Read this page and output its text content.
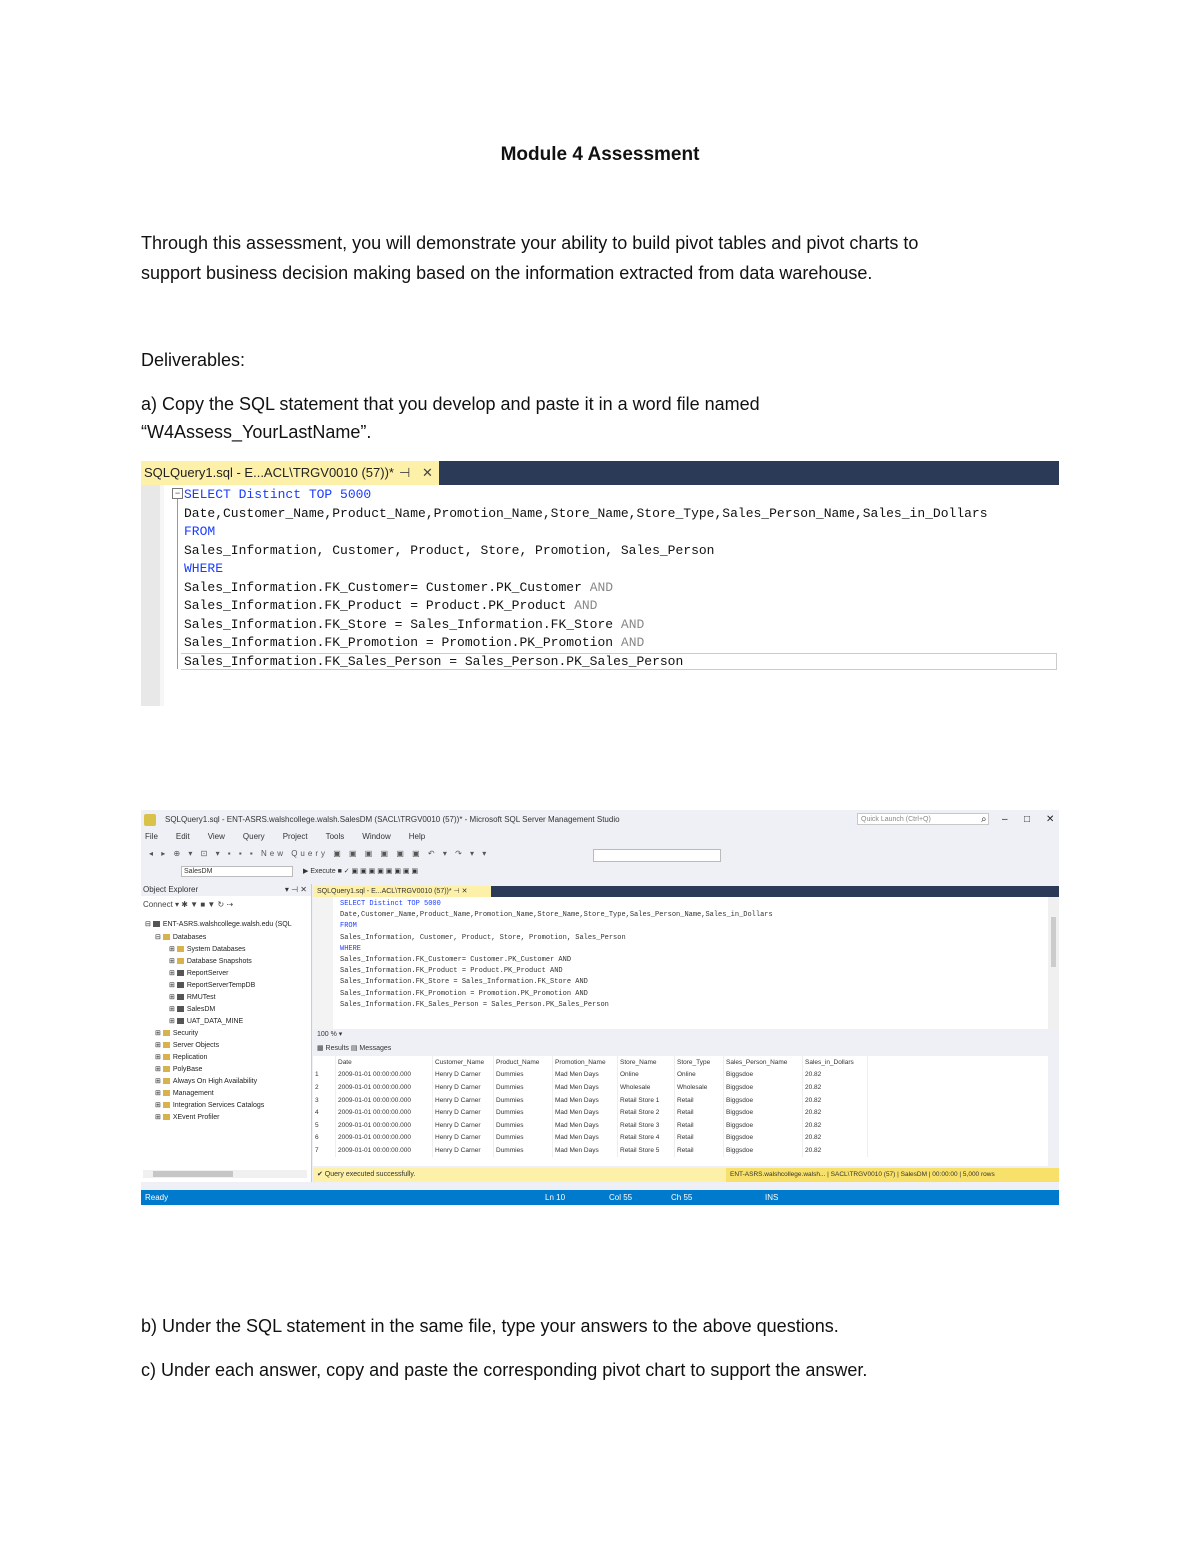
Module 4 Assessment
Through this assessment, you will demonstrate your ability to build pivot tables and pivot charts to
support business decision making based on the information extracted from data warehouse.
Deliverables:
a) Copy the SQL statement that you develop and paste it in a word file named
“W4Assess_YourLastName”.
SQLQuery1.sql - E...ACL\TRGV0010 (57))* ⊣ ✕
− SELECT Distinct TOP 5000
Date,Customer_Name,Product_Name,Promotion_Name,Store_Name,Store_Type,Sales_Person_Name,Sales_in_Dollars
FROM
Sales_Information, Customer, Product, Store, Promotion, Sales_Person
WHERE
Sales_Information.FK_Customer= Customer.PK_Customer AND
Sales_Information.FK_Product = Product.PK_Product AND
Sales_Information.FK_Store = Sales_Information.FK_Store AND
Sales_Information.FK_Promotion = Promotion.PK_Promotion AND
Sales_Information.FK_Sales_Person = Sales_Person.PK_Sales_Person
SQLQuery1.sql - ENT-ASRS.walshcollege.walsh.SalesDM (SACL\TRGV0010 (57))* - Microsoft SQL Server Management Studio	Quick Launch (Ctrl+Q)	⌕ – □ ✕
File Edit View Query Project Tools Window Help
◂ ▸ ⊕ ▾ ⊡ ▾ ▪ ▪ ▪ New Query ▣ ▣ ▣ ▣ ▣ ▣ ↶ ▾ ↷ ▾ ▾
SalesDM	▶ Execute ■ ✓ ▣ ▣ ▣ ▣ ▣ ▣ ▣ ▣
Object Explorer	▾ ⊣ ✕
Connect ▾ ✱ ▼ ■ ▼ ↻ ⇢
⊟ ENT-ASRS.walshcollege.walsh.edu (SQL
⊟ Databases
⊞ System Databases
⊞ Database Snapshots
⊞ ReportServer
⊞ ReportServerTempDB
⊞ RMUTest
⊞ SalesDM
⊞ UAT_DATA_MINE
⊞ Security
⊞ Server Objects
⊞ Replication
⊞ PolyBase
⊞ Always On High Availability
⊞ Management
⊞ Integration Services Catalogs
⊞ XEvent Profiler
SQLQuery1.sql - E...ACL\TRGV0010 (57))* ⊣ ✕
SELECT Distinct TOP 5000
Date,Customer_Name,Product_Name,Promotion_Name,Store_Name,Store_Type,Sales_Person_Name,Sales_in_Dollars
FROM
Sales_Information, Customer, Product, Store, Promotion, Sales_Person
WHERE
Sales_Information.FK_Customer= Customer.PK_Customer AND
Sales_Information.FK_Product = Product.PK_Product AND
Sales_Information.FK_Store = Sales_Information.FK_Store AND
Sales_Information.FK_Promotion = Promotion.PK_Promotion AND
Sales_Information.FK_Sales_Person = Sales_Person.PK_Sales_Person
100 % ▾
▦ Results ▤ Messages
	Date	Customer_Name	Product_Name	Promotion_Name	Store_Name	Store_Type	Sales_Person_Name	Sales_in_Dollars
1	2009-01-01 00:00:00.000	Henry D Carner	Dummies	Mad Men Days	Online	Online	Biggsdoe	20.82
2	2009-01-01 00:00:00.000	Henry D Carner	Dummies	Mad Men Days	Wholesale	Wholesale	Biggsdoe	20.82
3	2009-01-01 00:00:00.000	Henry D Carner	Dummies	Mad Men Days	Retail Store 1	Retail	Biggsdoe	20.82
4	2009-01-01 00:00:00.000	Henry D Carner	Dummies	Mad Men Days	Retail Store 2	Retail	Biggsdoe	20.82
5	2009-01-01 00:00:00.000	Henry D Carner	Dummies	Mad Men Days	Retail Store 3	Retail	Biggsdoe	20.82
6	2009-01-01 00:00:00.000	Henry D Carner	Dummies	Mad Men Days	Retail Store 4	Retail	Biggsdoe	20.82
7	2009-01-01 00:00:00.000	Henry D Carner	Dummies	Mad Men Days	Retail Store 5	Retail	Biggsdoe	20.82
✔ Query executed successfully.	ENT-ASRS.walshcollege.walsh... | SACL\TRGV0010 (57) | SalesDM | 00:00:00 | 5,000 rows
Ready	Ln 10	Col 55	Ch 55	INS
b) Under the SQL statement in the same file, type your answers to the above questions.
c) Under each answer, copy and paste the corresponding pivot chart to support the answer.
